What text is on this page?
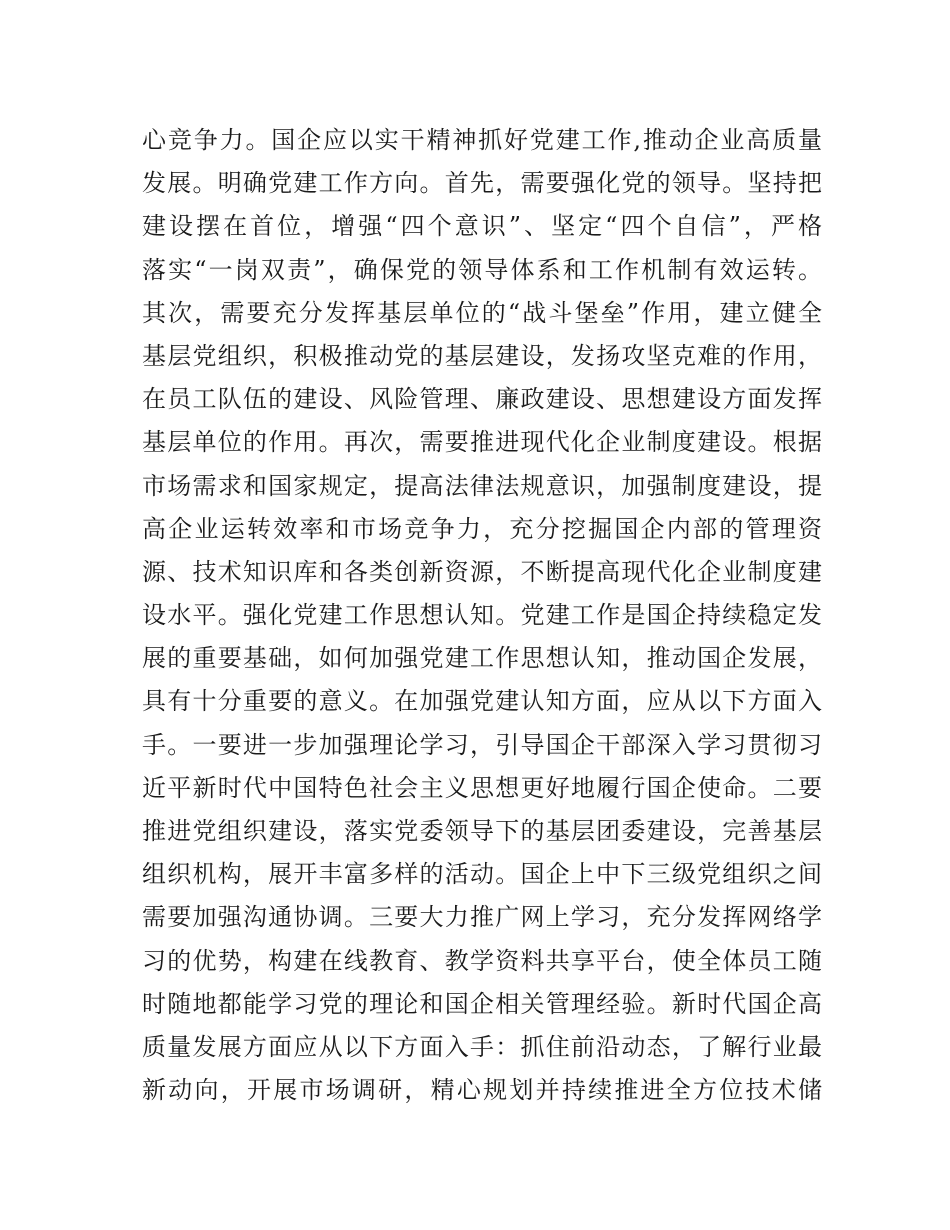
心竞争力。国企应以实干精神抓好党建工作,推动企业高质量
发展。明确党建工作方向。首先，需要强化党的领导。坚持把
建设摆在首位，增强“四个意识”、坚定“四个自信”，严格
落实“一岗双责”，确保党的领导体系和工作机制有效运转。
其次，需要充分发挥基层单位的“战斗堡垒”作用，建立健全
基层党组织，积极推动党的基层建设，发扬攻坚克难的作用，
在员工队伍的建设、风险管理、廉政建设、思想建设方面发挥
基层单位的作用。再次，需要推进现代化企业制度建设。根据
市场需求和国家规定，提高法律法规意识，加强制度建设，提
高企业运转效率和市场竞争力，充分挖掘国企内部的管理资
源、技术知识库和各类创新资源，不断提高现代化企业制度建
设水平。强化党建工作思想认知。党建工作是国企持续稳定发
展的重要基础，如何加强党建工作思想认知，推动国企发展，
具有十分重要的意义。在加强党建认知方面，应从以下方面入
手。一要进一步加强理论学习，引导国企干部深入学习贯彻习
近平新时代中国特色社会主义思想更好地履行国企使命。二要
推进党组织建设，落实党委领导下的基层团委建设，完善基层
组织机构，展开丰富多样的活动。国企上中下三级党组织之间
需要加强沟通协调。三要大力推广网上学习，充分发挥网络学
习的优势，构建在线教育、教学资料共享平台，使全体员工随
时随地都能学习党的理论和国企相关管理经验。新时代国企高
质量发展方面应从以下方面入手：抓住前沿动态，了解行业最
新动向，开展市场调研，精心规划并持续推进全方位技术储
